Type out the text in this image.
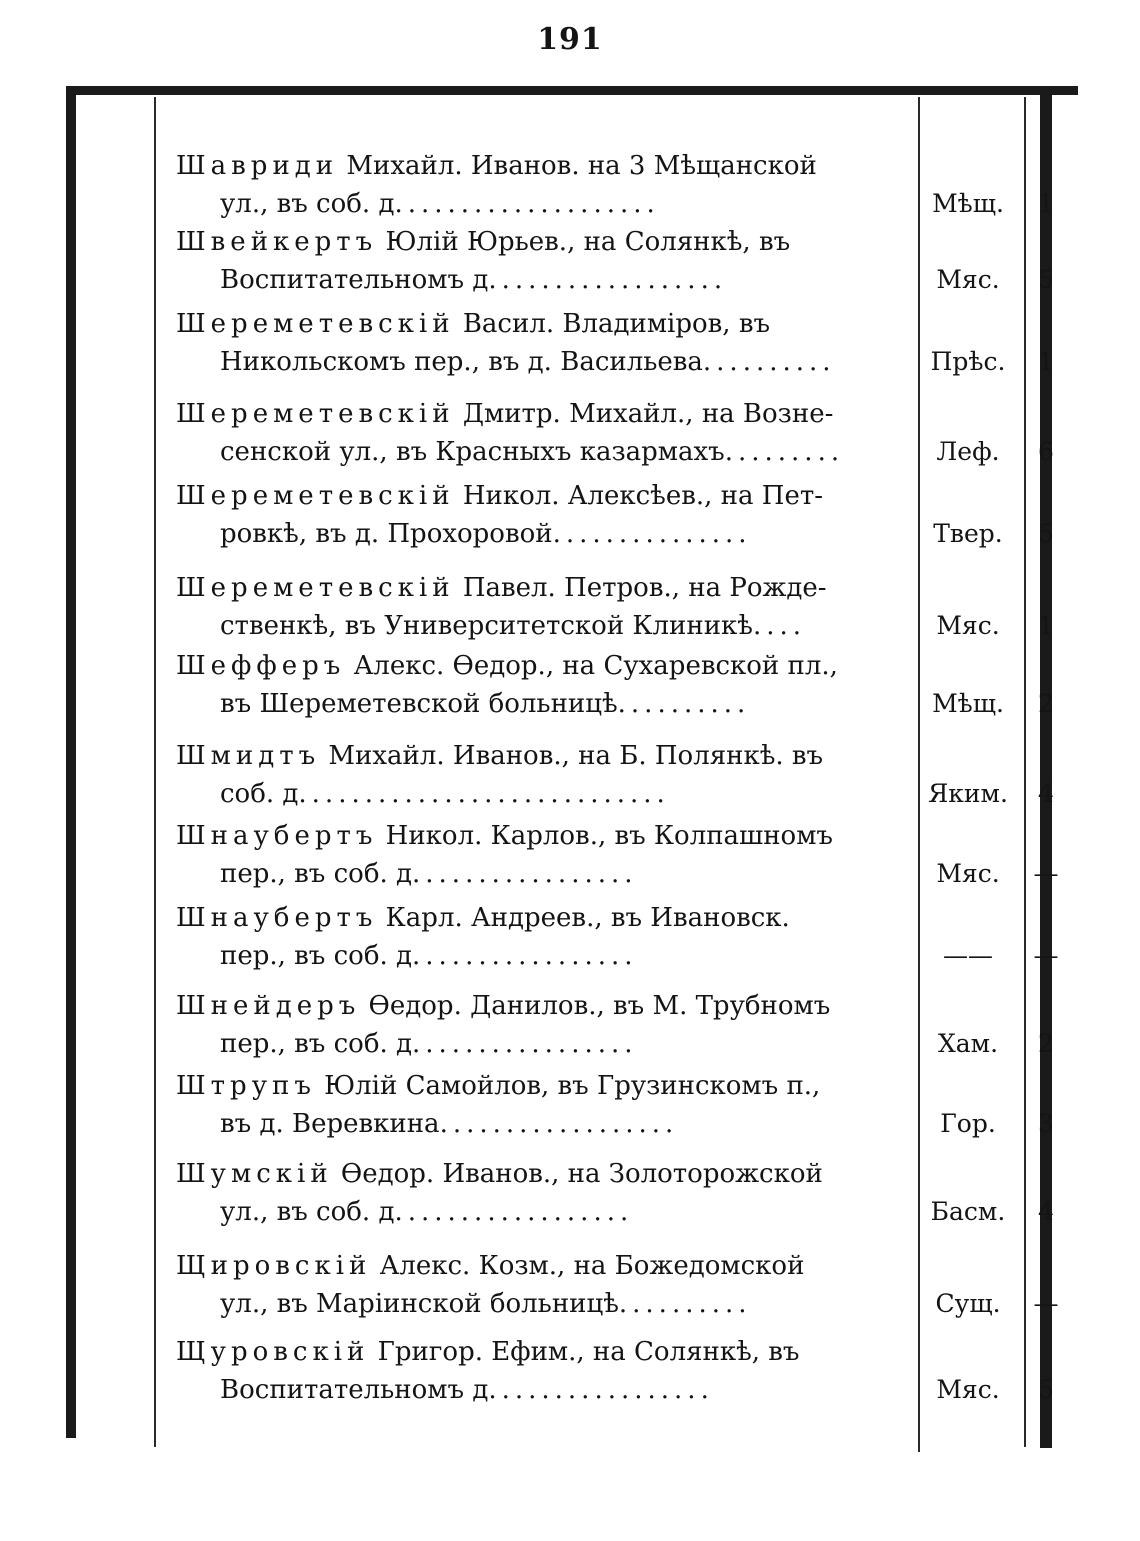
191
Шавриди Михайл. Иванов. на 3 Мѣщанской
ул., въ соб. д....................	Мѣщ.	1
Швейкертъ Юлій Юрьев., на Солянкѣ, въ
Воспитательномъ д..................	Мяс.	5
Шереметевскій Васил. Владиміров, въ
Никольскомъ пер., въ д. Васильева..........	Прѣс.	1
Шереметевскій Дмитр. Михайл., на Возне-
сенской ул., въ Красныхъ казармахъ.........	Леф.	6
Шереметевскій Никол. Алексѣев., на Пет-
ровкѣ, въ д. Прохоровой...............	Твер.	5
Шереметевскій Павел. Петров., на Рожде-
ственкѣ, въ Университетской Клиникѣ....	Мяс.	1
Шефферъ Алекс. Ѳедор., на Сухаревской пл.,
въ Шереметевской больницѣ..........	Мѣщ.	2
Шмидтъ Михайл. Иванов., на Б. Полянкѣ. въ
соб. д............................	Яким.	4
Шнаубертъ Никол. Карлов., въ Колпашномъ
пер., въ соб. д.................	Мяс.	—
Шнаубертъ Карл. Андреев., въ Ивановск.
пер., въ соб. д.................	——	—
Шнейдеръ Ѳедор. Данилов., въ М. Трубномъ
пер., въ соб. д.................	Хам.	2
Штрупъ Юлій Самойлов, въ Грузинскомъ п.,
въ д. Веревкина..................	Гор.	3
Шумскій Ѳедор. Иванов., на Золоторожской
ул., въ соб. д..................	Басм.	4
Щировскій Алекс. Козм., на Божедомской
ул., въ Маріинской больницѣ..........	Сущ.	—
Щуровскій Григор. Ефим., на Солянкѣ, въ
Воспитательномъ д.................	Мяс.	5
